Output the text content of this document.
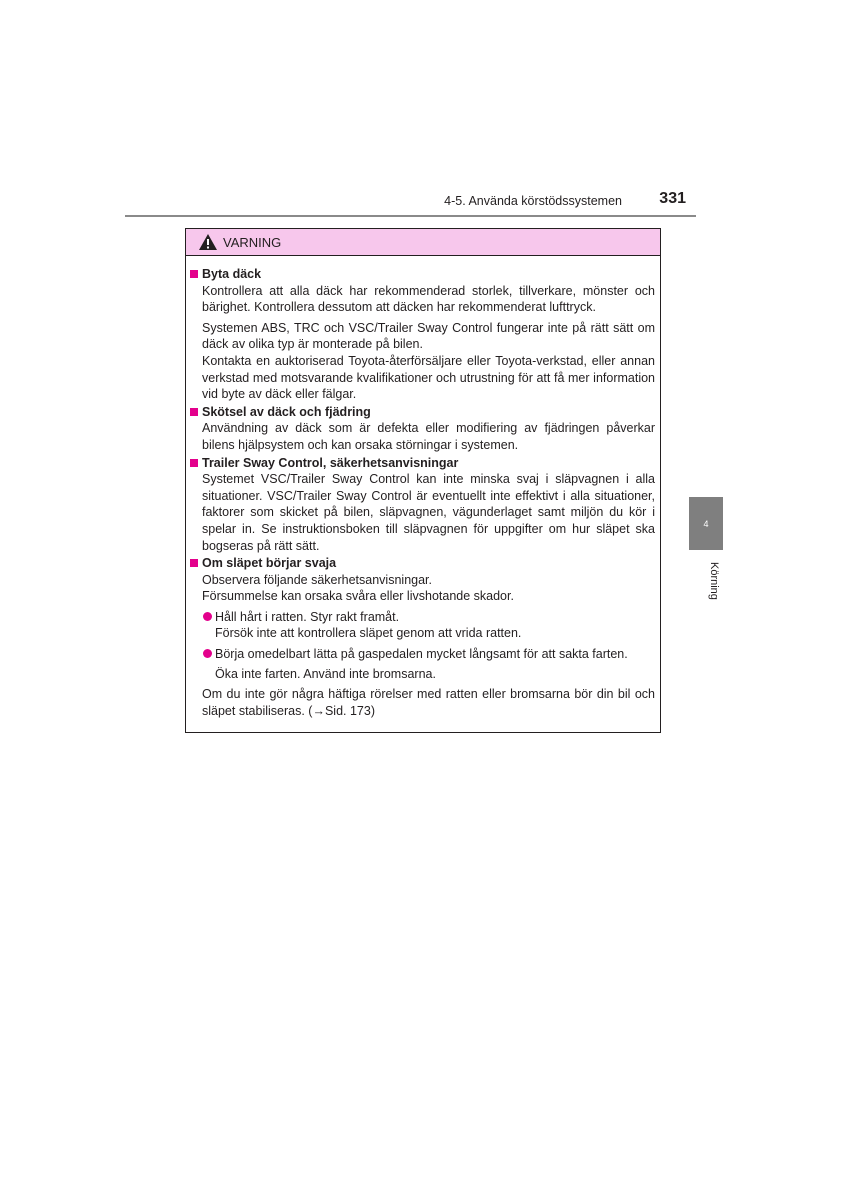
4-5. Använda körstödssystemen	331
4
Körning
VARNING
Byta däck
Kontrollera att alla däck har rekommenderad storlek, tillverkare, mönster och bärighet. Kontrollera dessutom att däcken har rekommenderat lufttryck.
Systemen ABS, TRC och VSC/Trailer Sway Control fungerar inte på rätt sätt om däck av olika typ är monterade på bilen.
Kontakta en auktoriserad Toyota-återförsäljare eller Toyota-verkstad, eller annan verkstad med motsvarande kvalifikationer och utrustning för att få mer information vid byte av däck eller fälgar.
Skötsel av däck och fjädring
Användning av däck som är defekta eller modifiering av fjädringen påverkar bilens hjälpsystem och kan orsaka störningar i systemen.
Trailer Sway Control, säkerhetsanvisningar
Systemet VSC/Trailer Sway Control kan inte minska svaj i släpvagnen i alla situationer. VSC/Trailer Sway Control är eventuellt inte effektivt i alla situationer, faktorer som skicket på bilen, släpvagnen, vägunderlaget samt miljön du kör i spelar in. Se instruktionsboken till släpvagnen för uppgifter om hur släpet ska bogseras på rätt sätt.
Om släpet börjar svaja
Observera följande säkerhetsanvisningar.
Försummelse kan orsaka svåra eller livshotande skador.
Håll hårt i ratten. Styr rakt framåt.
Försök inte att kontrollera släpet genom att vrida ratten.
Börja omedelbart lätta på gaspedalen mycket långsamt för att sakta farten.
Öka inte farten. Använd inte bromsarna.
Om du inte gör några häftiga rörelser med ratten eller bromsarna bör din bil och släpet stabiliseras. (→Sid. 173)
